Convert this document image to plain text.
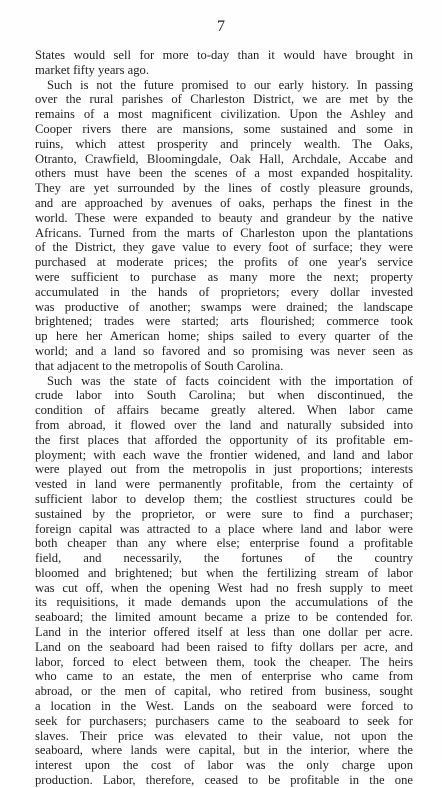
7
States would sell for more to-day than it would have brought in
market fifty years ago.
Such is not the future promised to our early history. In passing
over the rural parishes of Charleston District, we are met by the
remains of a most magnificent civilization. Upon the Ashley and
Cooper rivers there are mansions, some sustained and some in
ruins, which attest prosperity and princely wealth. The Oaks,
Otranto, Crawfield, Bloomingdale, Oak Hall, Archdale, Accabe and
others must have been the scenes of a most expanded hospitality.
They are yet surrounded by the lines of costly pleasure grounds,
and are approached by avenues of oaks, perhaps the finest in the
world. These were expanded to beauty and grandeur by the native
Africans. Turned from the marts of Charleston upon the plantations
of the District, they gave value to every foot of surface; they were
purchased at moderate prices; the profits of one year's service
were sufficient to purchase as many more the next; property
accumulated in the hands of proprietors; every dollar invested
was productive of another; swamps were drained; the landscape
brightened; trades were started; arts flourished; commerce took
up here her American home; ships sailed to every quarter of the
world; and a land so favored and so promising was never seen as
that adjacent to the metropolis of South Carolina.
Such was the state of facts coincident with the importation of
crude labor into South Carolina; but when discontinued, the
condition of affairs became greatly altered. When labor came
from abroad, it flowed over the land and naturally subsided into
the first places that afforded the opportunity of its profitable em-
ployment; with each wave the frontier widened, and land and labor
were played out from the metropolis in just proportions; interests
vested in land were permanently profitable, from the certainty of
sufficient labor to develop them; the costliest structures could be
sustained by the proprietor, or were sure to find a purchaser;
foreign capital was attracted to a place where land and labor were
both cheaper than any where else; enterprise found a profitable
field, and necessarily, the fortunes of the country
bloomed and brightened; but when the fertilizing stream of labor
was cut off, when the opening West had no fresh supply to meet
its requisitions, it made demands upon the accumulations of the
seaboard; the limited amount became a prize to be contended for.
Land in the interior offered itself at less than one dollar per acre.
Land on the seaboard had been raised to fifty dollars per acre, and
labor, forced to elect between them, took the cheaper. The heirs
who came to an estate, the men of enterprise who came from
abroad, or the men of capital, who retired from business, sought
a location in the West. Lands on the seaboard were forced to
seek for purchasers; purchasers came to the seaboard to seek for
slaves. Their price was elevated to their value, not upon the
seaboard, where lands were capital, but in the interior, where the
interest upon the cost of labor was the only charge upon
production. Labor, therefore, ceased to be profitable in the one
